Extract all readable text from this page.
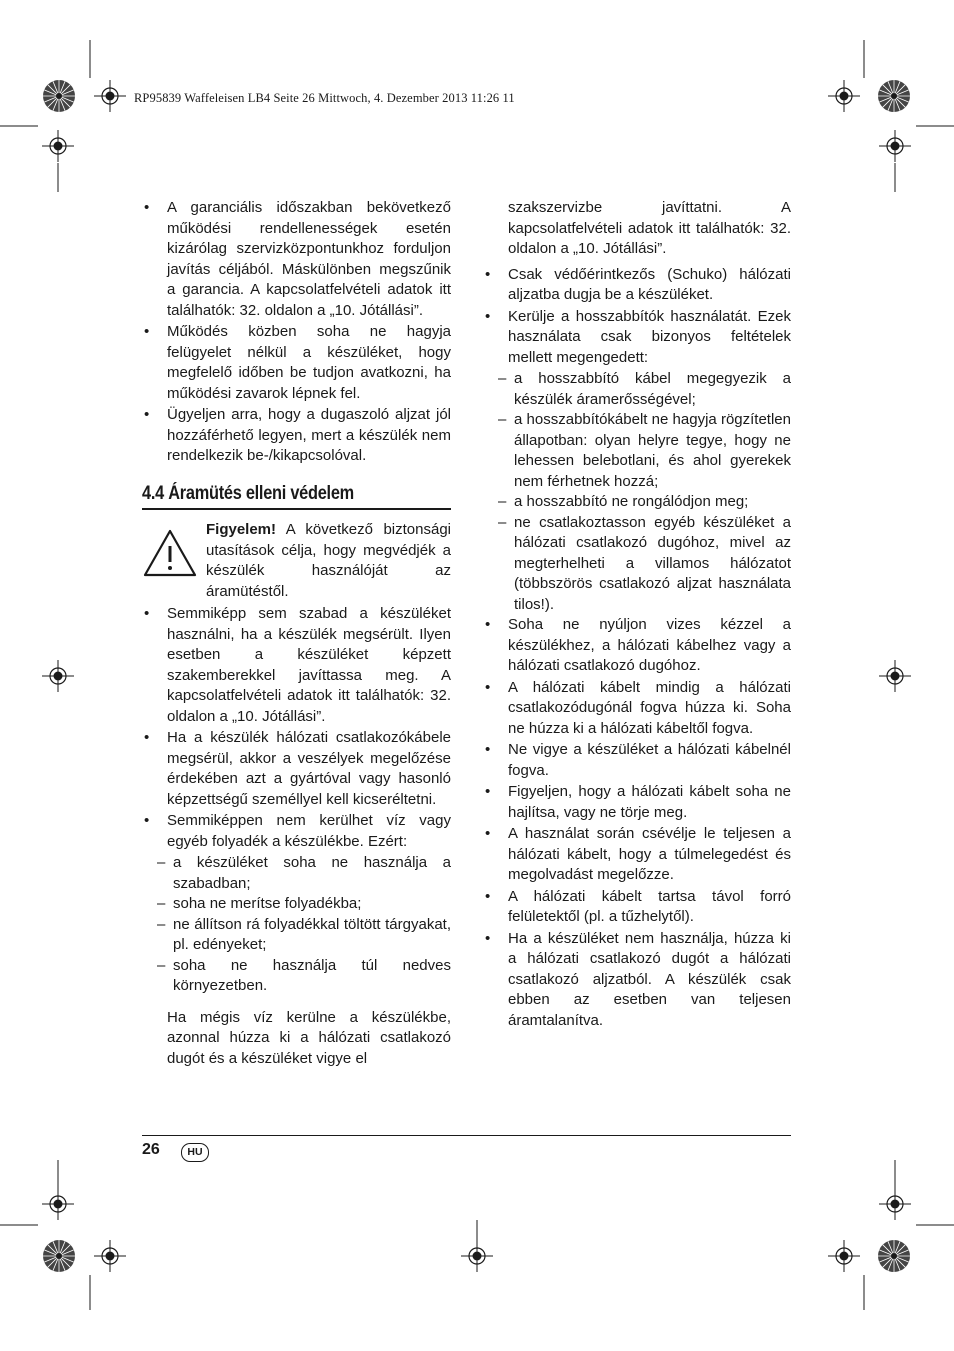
RP95839 Waffeleisen LB4 Seite 26 Mittwoch, 4. Dezember 2013 11:26 11
• A garanciális időszakban bekövetkező működési rendellenességek esetén kizárólag szervizközpontunkhoz forduljon javítás céljából. Máskülönben megszűnik a garancia. A kapcsolatfelvételi adatok itt találhatók: 32. oldalon a „10. Jótállási”.
• Működés közben soha ne hagyja felügyelet nélkül a készüléket, hogy megfelelő időben be tudjon avatkozni, ha működési zavarok lépnek fel.
• Ügyeljen arra, hogy a dugaszoló aljzat jól hozzáférhető legyen, mert a készülék nem rendelkezik be-/kikapcsolóval.
4.4 Áramütés elleni védelem
Figyelem! A következő biztonsági utasítások célja, hogy megvédjék a készülék használóját az áramütéstől.
• Semmiképp sem szabad a készüléket használni, ha a készülék megsérült. Ilyen esetben a készüléket képzett szakemberekkel javíttassa meg. A kapcsolatfelvételi adatok itt találhatók: 32. oldalon a „10. Jótállási”.
• Ha a készülék hálózati csatlakozókábele megsérül, akkor a veszélyek megelőzése érdekében azt a gyártóval vagy hasonló képzettségű személlyel kell kicseréltetni.
• Semmiképpen nem kerülhet víz vagy egyéb folyadék a készülékbe. Ezért:
– a készüléket soha ne használja a szabadban;
– soha ne merítse folyadékba;
– ne állítson rá folyadékkal töltött tárgyakat, pl. edényeket;
– soha ne használja túl nedves környezetben.

Ha mégis víz kerülne a készülékbe, azonnal húzza ki a hálózati csatlakozó dugót és a készüléket vigye el

szakszervizbe javíttatni. A kapcsolatfelvételi adatok itt találhatók: 32. oldalon a „10. Jótállási”.

• Csak védőérintkezős (Schuko) hálózati aljzatba dugja be a készüléket.
• Kerülje a hosszabbítók használatát. Ezek használata csak bizonyos feltételek mellett megengedett:
– a hosszabbító kábel megegyezik a készülék áramerősségével;
– a hosszabbítókábelt ne hagyja rögzítetlen állapotban: olyan helyre tegye, hogy ne lehessen belebotlani, és ahol gyerekek nem férhetnek hozzá;
– a hosszabbító ne rongálódjon meg;
– ne csatlakoztasson egyéb készüléket a hálózati csatlakozó dugóhoz, mivel az megterhelheti a villamos hálózatot (többszörös csatlakozó aljzat használata tilos!).
• Soha ne nyúljon vizes kézzel a készülékhez, a hálózati kábelhez vagy a hálózati csatlakozó dugóhoz.
• A hálózati kábelt mindig a hálózati csatlakozódugónál fogva húzza ki. Soha ne húzza ki a hálózati kábeltől fogva.
• Ne vigye a készüléket a hálózati kábelnél fogva.
• Figyeljen, hogy a hálózati kábelt soha ne hajlítsa, vagy ne törje meg.
• A használat során csévélje le teljesen a hálózati kábelt, hogy a túlmelegedést és megolvadást megelőzze.
• A hálózati kábelt tartsa távol forró felületektől (pl. a tűzhelytől).
• Ha a készüléket nem használja, húzza ki a hálózati csatlakozó dugót a hálózati csatlakozó aljzatból. A készülék csak ebben az esetben van teljesen áramtalanítva.
26	HU
